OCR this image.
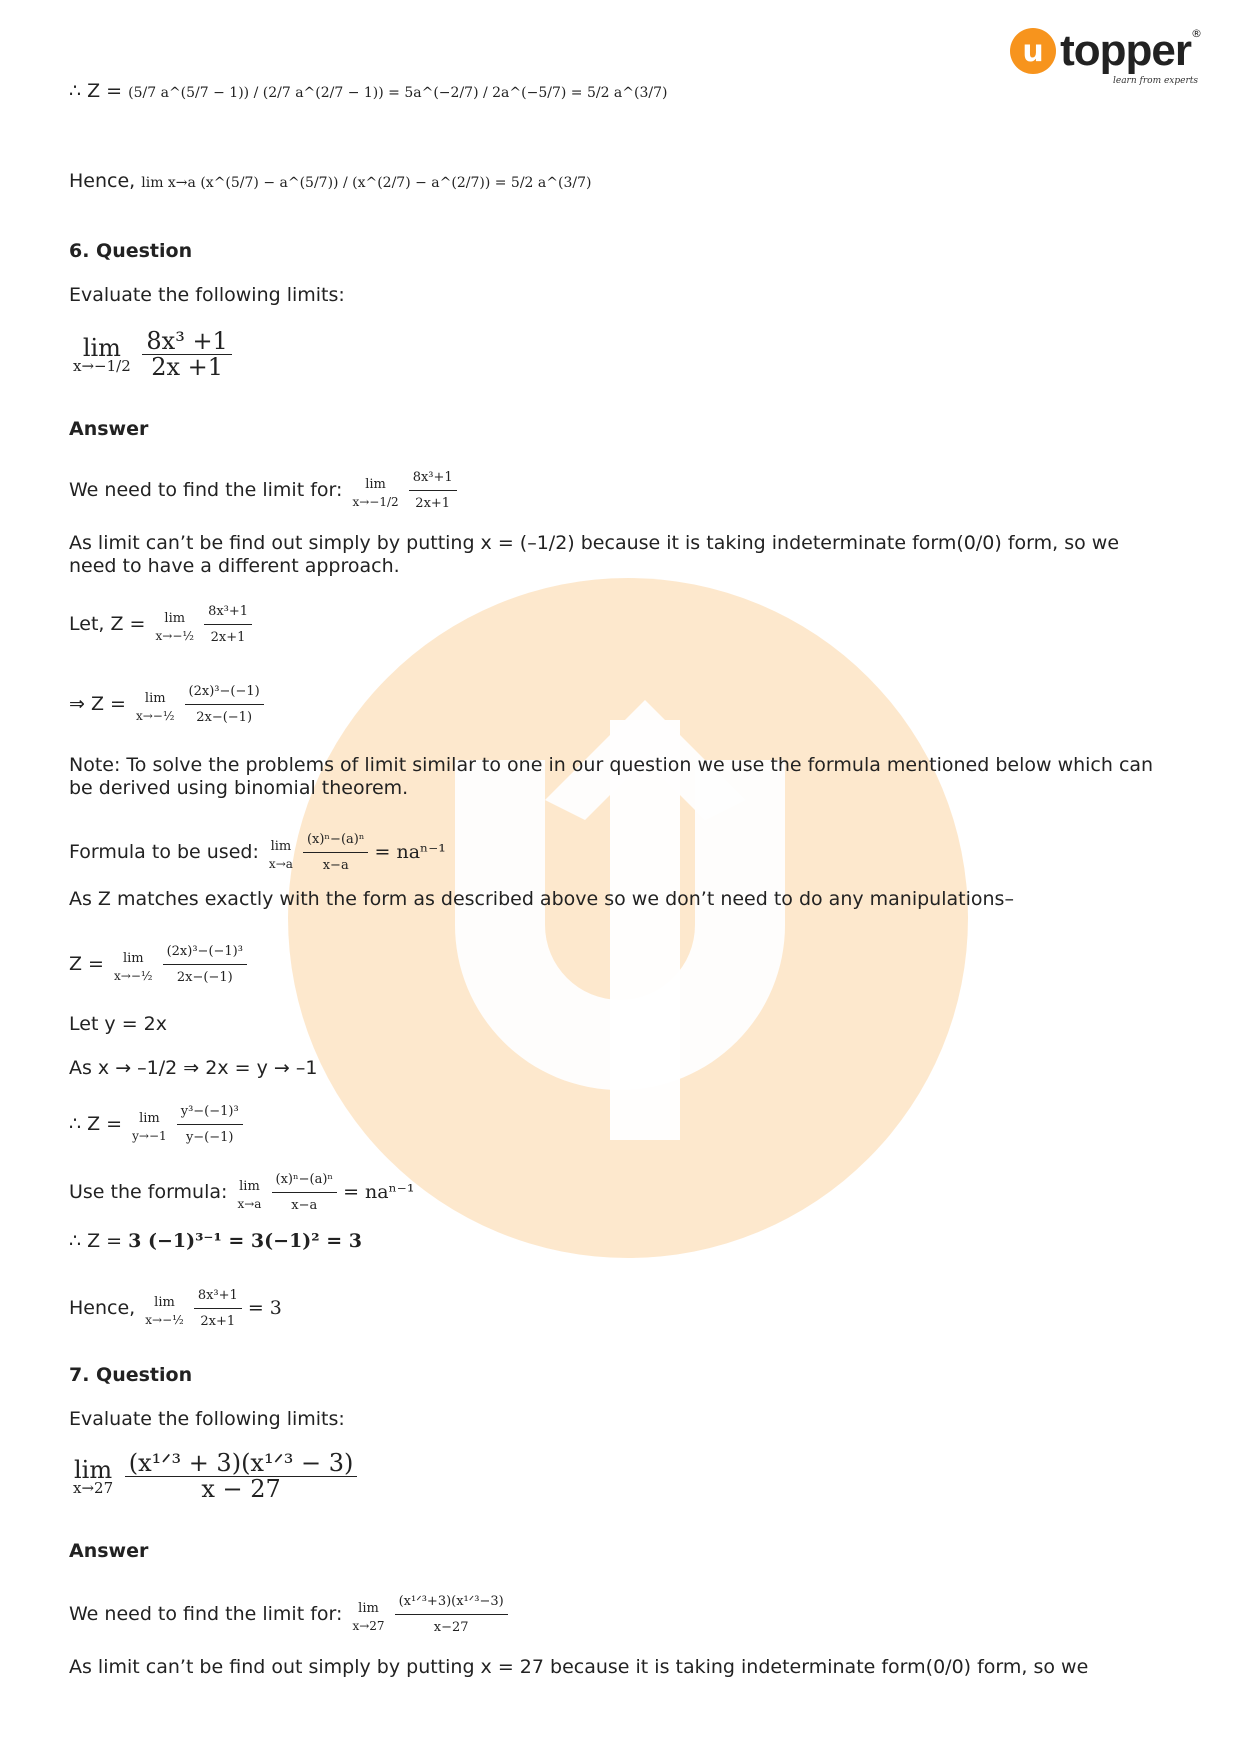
u topper ®
learn from experts
∴ Z = (5/7 a^(5/7 − 1)) / (2/7 a^(2/7 − 1)) = 5a^(−2/7) / 2a^(−5/7) = 5/2 a^(3/7)
Hence, lim x→a (x^(5/7) − a^(5/7)) / (x^(2/7) − a^(2/7)) = 5/2 a^(3/7)
6. Question
Evaluate the following limits:
lim
x→−1/2
$\frac{\text{8x³ +1}}{2x +1}$
Answer
We need to find the limit for: lim
x→−1/2
$\frac{\text{8x³+1}}{2x+1}$
As limit can’t be find out simply by putting x = (–1/2) because it is taking indeterminate form(0/0) form, so we need to have a different approach.
Let, Z = lim
x→−½
$\frac{\text{8x³+1}}{2x+1}$
⇒ Z = lim
x→−½
$\frac{\text{(2x)³−(−1)}}{2x-(-1)}$
Note: To solve the problems of limit similar to one in our question we use the formula mentioned below which can be derived using binomial theorem.
Formula to be used: lim
x→a
$\frac{\text{(x)ⁿ−(a)ⁿ}}{x-a} = na^{n-1}$
As Z matches exactly with the form as described above so we don’t need to do any manipulations–
Z = lim
x→−½
$\frac{\text{(2x)³−(−1)³}}{2x-(-1)}$
Let y = 2x
As x → –1/2 ⇒ 2x = y → –1
∴ Z = lim
y→−1
$\frac{\text{y³−(−1)³}}{y-(-1)}$
Use the formula: lim
x→a
$\frac{\text{(x)ⁿ−(a)ⁿ}}{x-a} = na^{n-1}$
∴ Z = 3 (−1)³⁻¹ = 3(−1)² = 3
Hence, lim
x→−½
$\frac{\text{8x³+1}}{2x+1} = 3$
7. Question
Evaluate the following limits:
lim
x→27
$\frac{\text{(x¹ᐟ³ + 3)(x¹ᐟ³ − 3)}}{x - 27}$
Answer
We need to find the limit for: lim
x→27
$\frac{\text{(x¹ᐟ³+3)(x¹ᐟ³−3)}}{x-27}$
As limit can’t be find out simply by putting x = 27 because it is taking indeterminate form(0/0) form, so we
